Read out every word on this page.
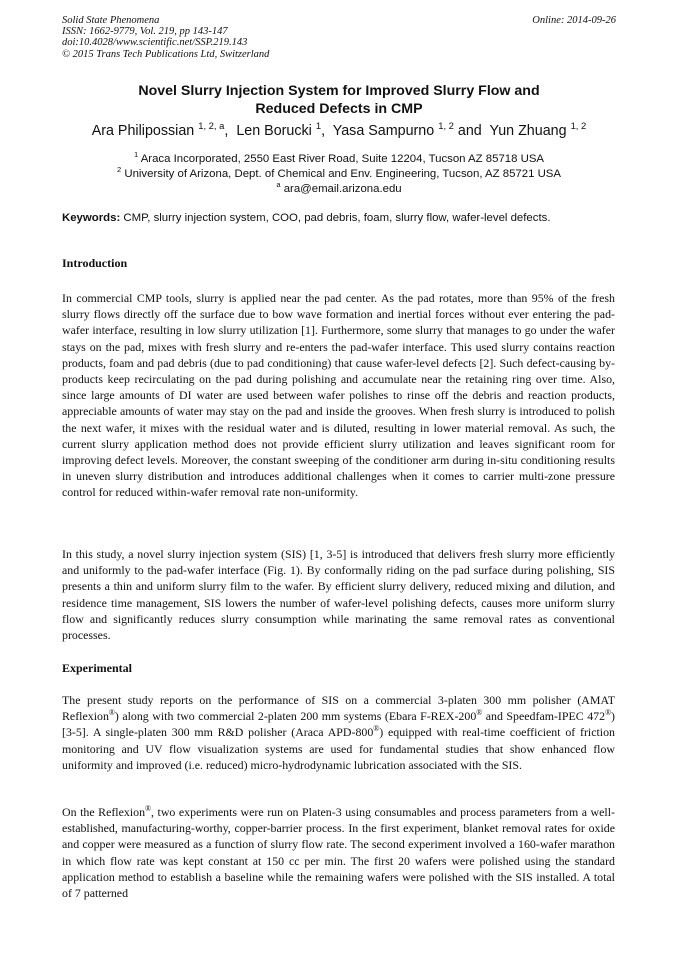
Solid State Phenomena
ISSN: 1662-9779, Vol. 219, pp 143-147
doi:10.4028/www.scientific.net/SSP.219.143
© 2015 Trans Tech Publications Ltd, Switzerland
Online: 2014-09-26
Novel Slurry Injection System for Improved Slurry Flow and
Reduced Defects in CMP
Ara Philipossian $^{1, 2, a}$,  Len Borucki $^1$,  Yasa Sampurno $^{1, 2}$ and  Yun Zhuang $^{1, 2}$
$^1$ Araca Incorporated, 2550 East River Road, Suite 12204, Tucson AZ 85718 USA
$^2$ University of Arizona, Dept. of Chemical and Env. Engineering, Tucson, AZ 85721 USA
$^a$ ara@email.arizona.edu
Keywords: CMP, slurry injection system, COO, pad debris, foam, slurry flow, wafer-level defects.
Introduction

In commercial CMP tools, slurry is applied near the pad center. As the pad rotates, more than 95% of the fresh slurry flows directly off the surface due to bow wave formation and inertial forces without ever entering the pad-wafer interface, resulting in low slurry utilization [1]. Furthermore, some slurry that manages to go under the wafer stays on the pad, mixes with fresh slurry and re-enters the pad-wafer interface. This used slurry contains reaction products, foam and pad debris (due to pad conditioning) that cause wafer-level defects [2]. Such defect-causing by-products keep recirculating on the pad during polishing and accumulate near the retaining ring over time. Also, since large amounts of DI water are used between wafer polishes to rinse off the debris and reaction products, appreciable amounts of water may stay on the pad and inside the grooves. When fresh slurry is introduced to polish the next wafer, it mixes with the residual water and is diluted, resulting in lower material removal. As such, the current slurry application method does not provide efficient slurry utilization and leaves significant room for improving defect levels. Moreover, the constant sweeping of the conditioner arm during in-situ conditioning results in uneven slurry distribution and introduces additional challenges when it comes to carrier multi-zone pressure control for reduced within-wafer removal rate non-uniformity.

In this study, a novel slurry injection system (SIS) [1, 3-5] is introduced that delivers fresh slurry more efficiently and uniformly to the pad-wafer interface (Fig. 1). By conformally riding on the pad surface during polishing, SIS presents a thin and uniform slurry film to the wafer. By efficient slurry delivery, reduced mixing and dilution, and residence time management, SIS lowers the number of wafer-level polishing defects, causes more uniform slurry flow and significantly reduces slurry consumption while marinating the same removal rates as conventional processes.

Experimental

The present study reports on the performance of SIS on a commercial 3-platen 300 mm polisher (AMAT Reflexion®) along with two commercial 2-platen 200 mm systems (Ebara F-REX-200® and Speedfam-IPEC 472®) [3-5]. A single-platen 300 mm R&D polisher (Araca APD-800®) equipped with real-time coefficient of friction monitoring and UV flow visualization systems are used for fundamental studies that show enhanced flow uniformity and improved (i.e. reduced) micro-hydrodynamic lubrication associated with the SIS.

On the Reflexion®, two experiments were run on Platen-3 using consumables and process parameters from a well-established, manufacturing-worthy, copper-barrier process. In the first experiment, blanket removal rates for oxide and copper were measured as a function of slurry flow rate. The second experiment involved a 160-wafer marathon in which flow rate was kept constant at 150 cc per min. The first 20 wafers were polished using the standard application method to establish a baseline while the remaining wafers were polished with the SIS installed. A total of 7 patterned
